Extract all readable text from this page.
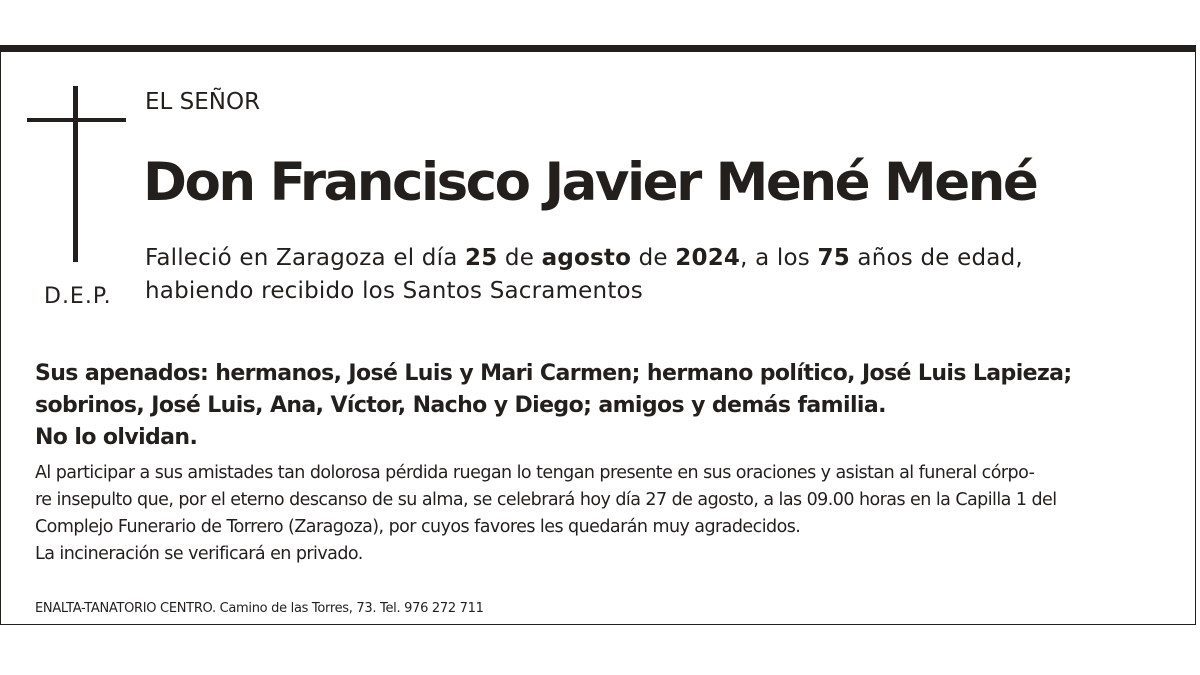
D.E.P.
EL SEÑOR
Don Francisco Javier Mené Mené
Falleció en Zaragoza el día 25 de agosto de 2024, a los 75 años de edad,
habiendo recibido los Santos Sacramentos
Sus apenados: hermanos, José Luis y Mari Carmen; hermano político, José Luis Lapieza;
sobrinos, José Luis, Ana, Víctor, Nacho y Diego; amigos y demás familia.
No lo olvidan.
Al participar a sus amistades tan dolorosa pérdida ruegan lo tengan presente en sus oraciones y asistan al funeral córpo-
re insepulto que, por el eterno descanso de su alma, se celebrará hoy día 27 de agosto, a las 09.00 horas en la Capilla 1 del
Complejo Funerario de Torrero (Zaragoza), por cuyos favores les quedarán muy agradecidos.
La incineración se verificará en privado.
ENALTA-TANATORIO CENTRO. Camino de las Torres, 73. Tel. 976 272 711
